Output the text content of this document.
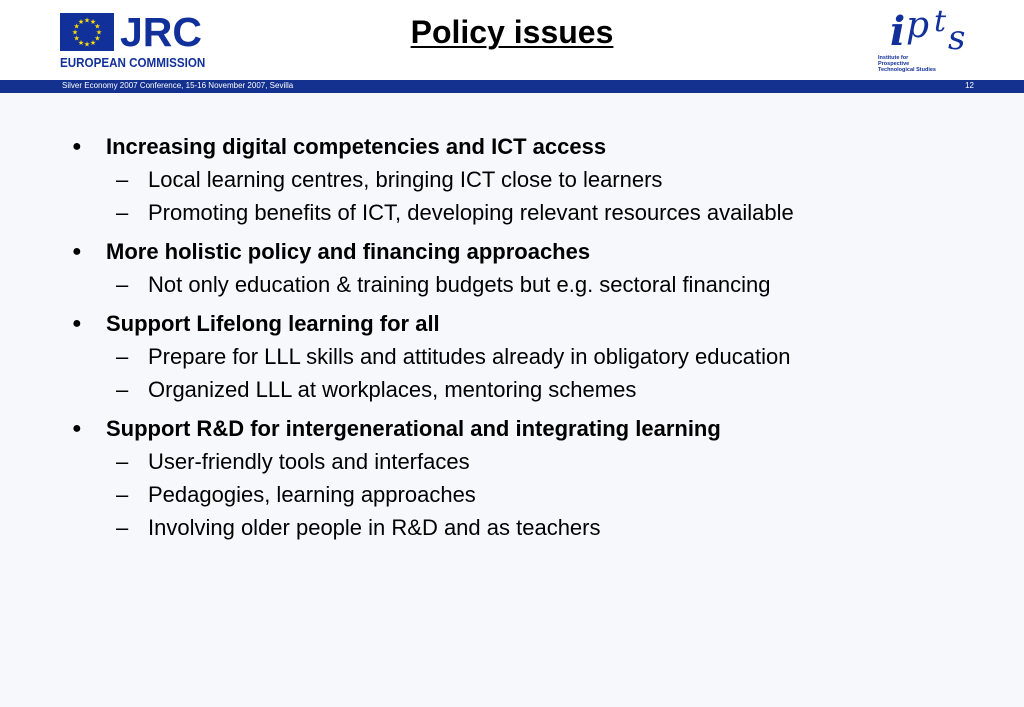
★ ★
★
★
★
★
★
★
★
★
★
★ JRC
EUROPEAN COMMISSION
Policy issues	i p t s
Institute for
Prospective
Technological Studies
Silver Economy 2007 Conference, 15-16 November 2007, Sevilla	12
● Increasing digital competencies and ICT access
– Local learning centres, bringing ICT close to learners
– Promoting benefits of ICT, developing relevant resources available
● More holistic policy and financing approaches
– Not only education & training budgets but e.g. sectoral financing
● Support Lifelong learning for all
– Prepare for LLL skills and attitudes already in obligatory education
– Organized LLL at workplaces, mentoring schemes
● Support R&D for intergenerational and integrating learning
– User-friendly tools and interfaces
– Pedagogies, learning approaches
– Involving older people in R&D and as teachers
